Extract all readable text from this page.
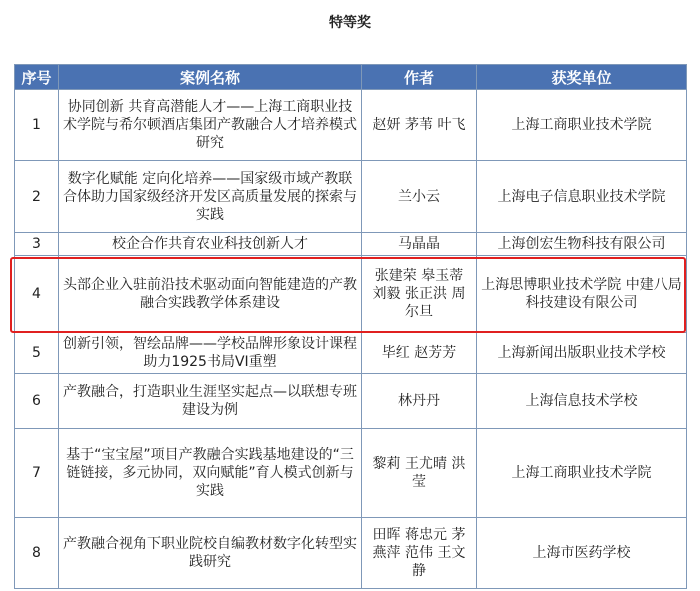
特等奖
序号	案例名称	作者	获奖单位
1	协同创新 共育高潜能人才——上海工商职业技术学院与希尔顿酒店集团产教融合人才培养模式研究	赵妍 茅苇 叶飞	上海工商职业技术学院
2	数字化赋能 定向化培养——国家级市域产教联合体助力国家级经济开发区高质量发展的探索与实践	兰小云	上海电子信息职业技术学院
3	校企合作共育农业科技创新人才	马晶晶	上海创宏生物科技有限公司
4	头部企业入驻前沿技术驱动面向智能建造的产教融合实践教学体系建设	张建荣 皋玉蒂 刘毅 张正洪 周尔旦	上海思博职业技术学院 中建八局科技建设有限公司
5	创新引领，智绘品牌——学校品牌形象设计课程助力1925书局VI重塑	毕红 赵芳芳	上海新闻出版职业技术学校
6	产教融合，打造职业生涯坚实起点—以联想专班建设为例	林丹丹	上海信息技术学校
7	基于“宝宝屋”项目产教融合实践基地建设的“三链链接，多元协同，双向赋能”育人模式创新与实践	黎莉 王尤晴 洪莹	上海工商职业技术学院
8	产教融合视角下职业院校自编教材数字化转型实践研究	田晖 蒋忠元 茅燕萍 范伟 王文静	上海市医药学校
